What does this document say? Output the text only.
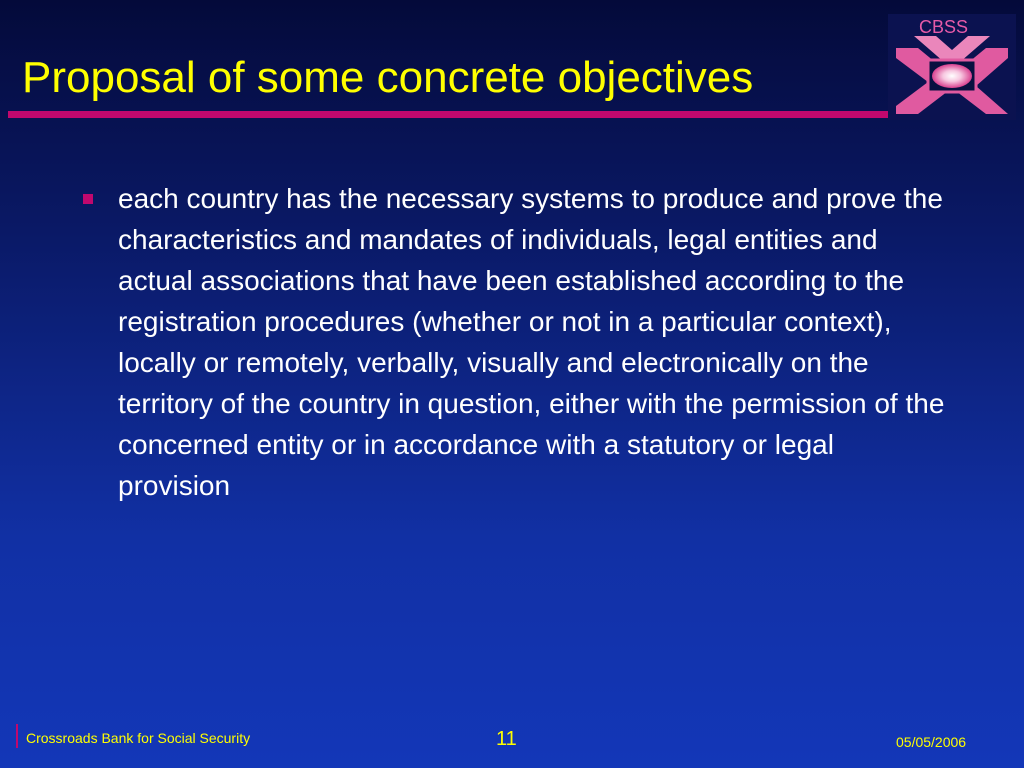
Proposal of some concrete objectives
CBSS
each country has the necessary systems to produce and prove the characteristics and mandates of individuals, legal entities and actual associations that have been established according to the registration procedures (whether or not in a particular context), locally or remotely, verbally, visually and electronically on the territory of the country in question, either with the permission of the concerned entity or in accordance with a statutory or legal provision
Crossroads Bank for Social Security	11	05/05/2006
